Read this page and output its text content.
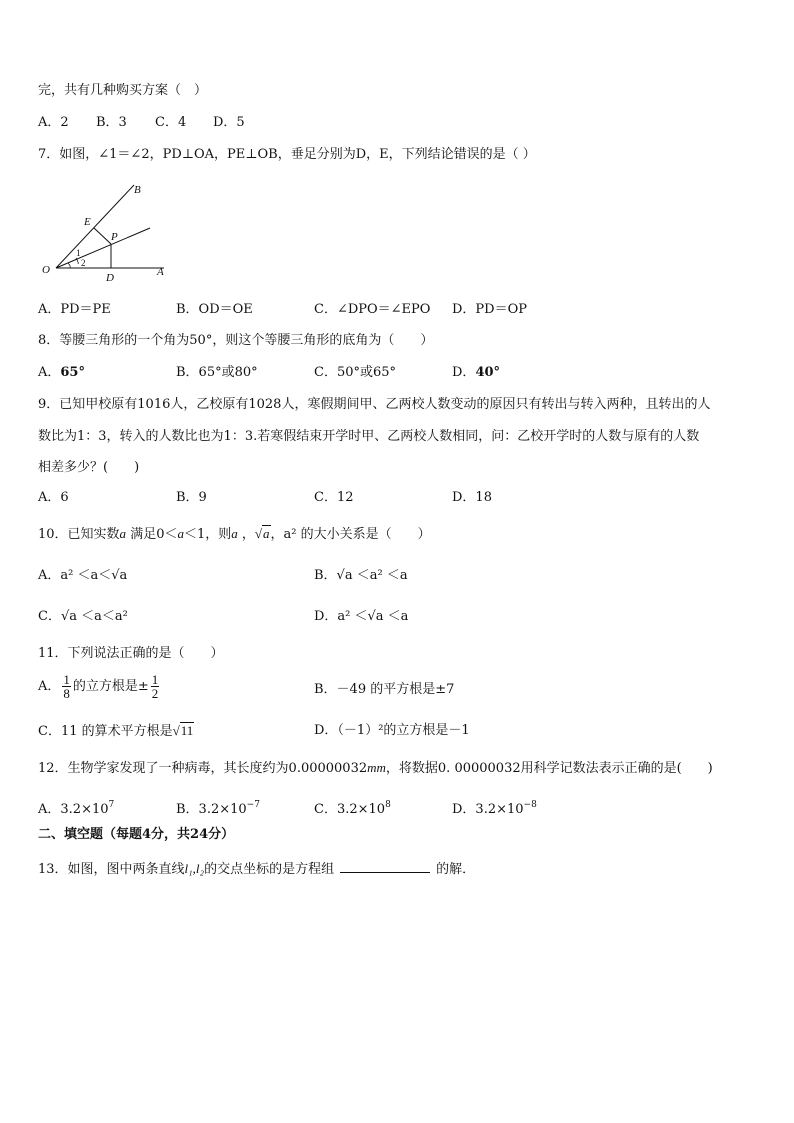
完，共有几种购买方案（　）
A．2 B．3 C．4 D．5
7．如图，∠1＝∠2，PD⊥OA，PE⊥OB，垂足分别为D，E，下列结论错误的是（ ）
O	A
B
E
P
D
1
2
A．PD＝PE	B．OD＝OE	C．∠DPO＝∠EPO D．PD＝OP
8．等腰三角形的一个角为50°，则这个等腰三角形的底角为（　　）
A．65°	B．65°或80°	C．50°或65°	D．40°
9．已知甲校原有1016人，乙校原有1028人，寒假期间甲、乙两校人数变动的原因只有转出与转入两种，且转出的人
数比为1：3，转入的人数比也为1：3.若寒假结束开学时甲、乙两校人数相同，问：乙校开学时的人数与原有的人数
相差多少？(　　)
A．6	B．9	C．12	D．18
10．已知实数a 满足0＜a＜1，则a ，√a，a² 的大小关系是（　　）
A．a² ＜a＜√a	B．√a ＜a² ＜a
C．√a ＜a＜a²	D．a² ＜√a ＜a
11．下列说法正确的是（　　）
A． $\frac{1}{8}$ 的立方根是± $\frac{1}{2}$	B．－49 的平方根是±7
C．11 的算术平方根是√11	D．（－1）²的立方根是－1
12．生物学家发现了一种病毒，其长度约为0.00000032mm，将数据0. 00000032用科学记数法表示正确的是(　　)
A．$3.2\times 10^7$	B．$3.2\times 10^{-7}$	C．$3.2\times 10^8$	D．$3.2\times 10^{-8}$
二、填空题（每题4分，共24分）
13．如图，图中两条直线l₁,l₂的交点坐标的是方程组	的解．
